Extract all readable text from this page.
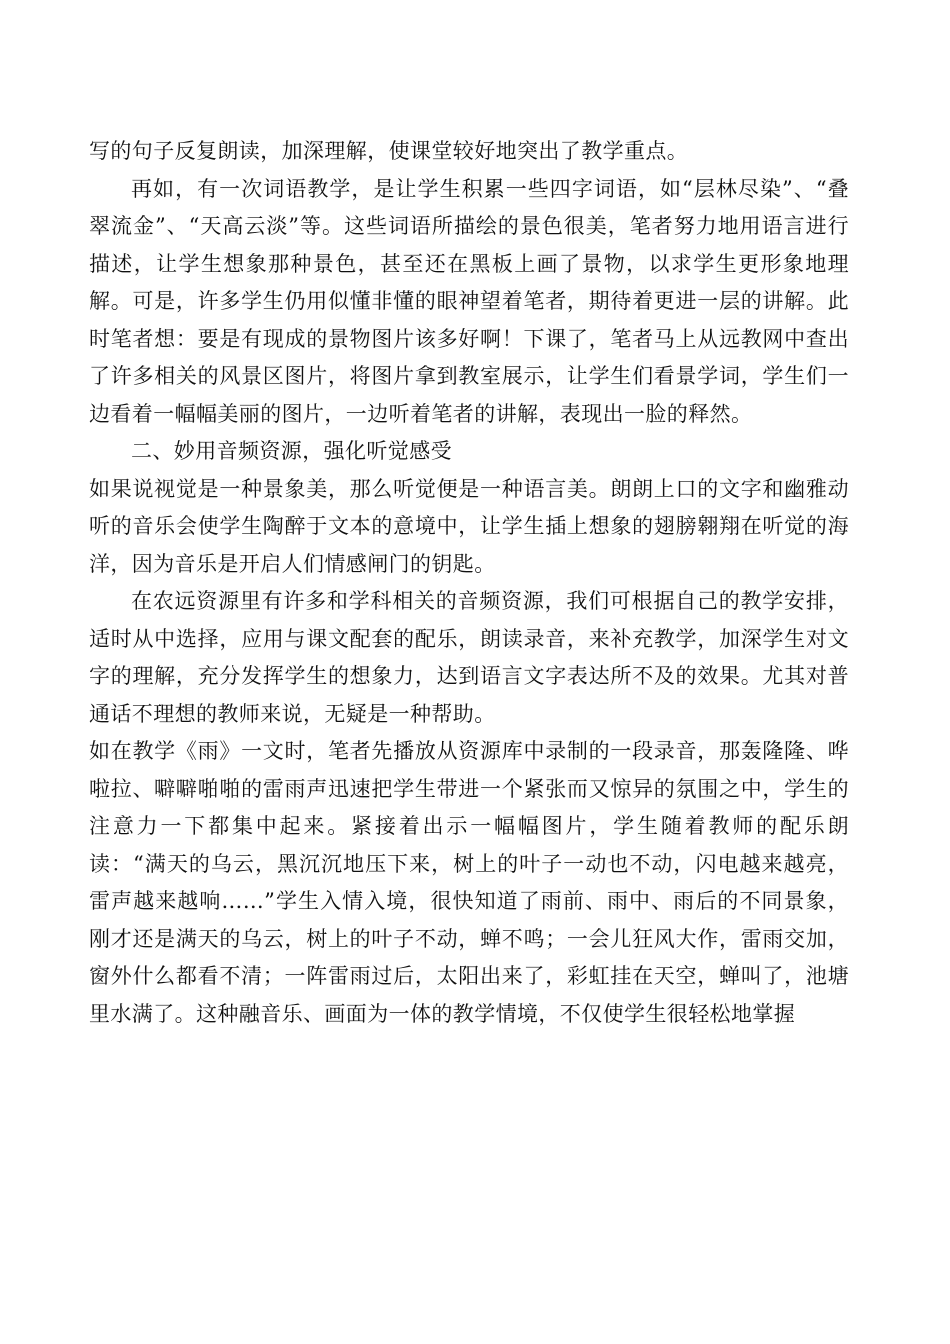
写的句子反复朗读，加深理解，使课堂较好地突出了教学重点。

再如，有一次词语教学，是让学生积累一些四字词语，如“层林尽染”、“叠翠流金”、“天高云淡”等。这些词语所描绘的景色很美，笔者努力地用语言进行描述，让学生想象那种景色，甚至还在黑板上画了景物，以求学生更形象地理解。可是，许多学生仍用似懂非懂的眼神望着笔者，期待着更进一层的讲解。此时笔者想：要是有现成的景物图片该多好啊！下课了，笔者马上从远教网中查出了许多相关的风景区图片，将图片拿到教室展示，让学生们看景学词，学生们一边看着一幅幅美丽的图片，一边听着笔者的讲解，表现出一脸的释然。

二、妙用音频资源，强化听觉感受

如果说视觉是一种景象美，那么听觉便是一种语言美。朗朗上口的文字和幽雅动听的音乐会使学生陶醉于文本的意境中，让学生插上想象的翅膀翱翔在听觉的海洋，因为音乐是开启人们情感闸门的钥匙。

在农远资源里有许多和学科相关的音频资源，我们可根据自己的教学安排，适时从中选择，应用与课文配套的配乐，朗读录音，来补充教学，加深学生对文字的理解，充分发挥学生的想象力，达到语言文字表达所不及的效果。尤其对普通话不理想的教师来说，无疑是一种帮助。

如在教学《雨》一文时，笔者先播放从资源库中录制的一段录音，那轰隆隆、哗啦拉、噼噼啪啪的雷雨声迅速把学生带进一个紧张而又惊异的氛围之中，学生的注意力一下都集中起来。紧接着出示一幅幅图片，学生随着教师的配乐朗读：“满天的乌云，黑沉沉地压下来，树上的叶子一动也不动，闪电越来越亮，雷声越来越响……”学生入情入境，很快知道了雨前、雨中、雨后的不同景象，刚才还是满天的乌云，树上的叶子不动，蝉不鸣；一会儿狂风大作，雷雨交加，窗外什么都看不清；一阵雷雨过后，太阳出来了，彩虹挂在天空，蝉叫了，池塘里水满了。这种融音乐、画面为一体的教学情境，不仅使学生很轻松地掌握
